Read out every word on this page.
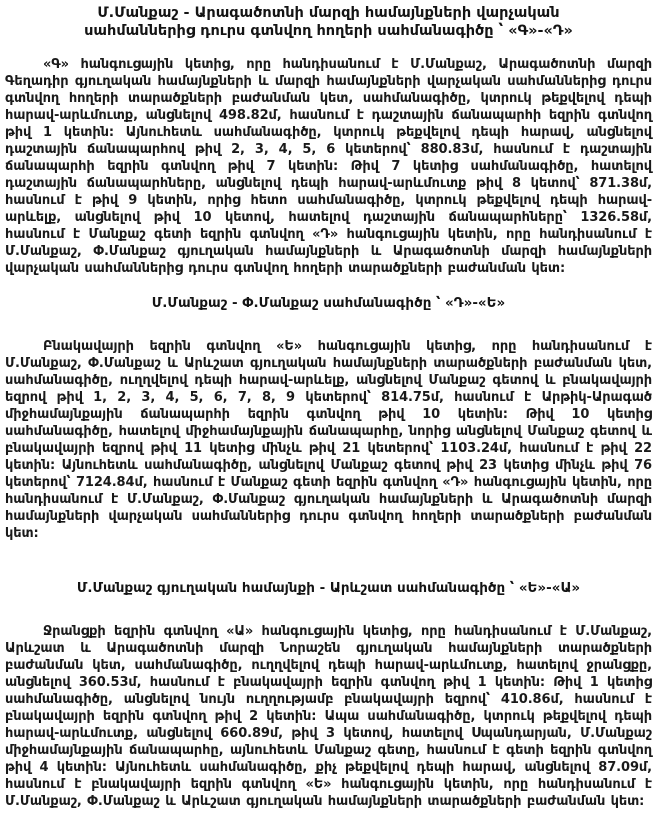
Մ.Մանքաշ - Արագածոտնի մարզի համայնքների վարչական սահմաններից դուրս գտնվող հողերի սահմանագիծը ՝ «Գ»-«Դ»

«Գ» հանգուցային կետից, որը հանդիսանում է Մ.Մանքաշ, Արագածոտնի մարզի Գեղադիր գյուղական համայնքների և մարզի համայնքների վարչական սահմաններից դուրս գտնվող հողերի տարածքների բաժանման կետ, սահմանագիծը, կտրուկ թեքվելով դեպի հարավ-արևմուտք, անցնելով 498.82մ, հասնում է դաշտային ճանապարհի եզրին գտնվող թիվ 1 կետին: Այնուհետև սահմանագիծը, կտրուկ թեքվելով դեպի հարավ, անցնելով դաշտային ճանապարհով թիվ 2, 3, 4, 5, 6 կետերով՝ 880.83մ, հասնում է դաշտային ճանապարհի եզրին գտնվող թիվ 7 կետին: Թիվ 7 կետից սահմանագիծը, հատելով դաշտային ճանապարհները, անցնելով դեպի հարավ-արևմուտք թիվ 8 կետով՝ 871.38մ, հասնում է թիվ 9 կետին, որից հետո սահմանագիծը, կտրուկ թեքվելով դեպի հարավ-արևելք, անցնելով թիվ 10 կետով, հատելով դաշտային ճանապարհները՝ 1326.58մ, հասնում է Մանքաշ գետի եզրին գտնվող «Դ» հանգուցային կետին, որը հանդիսանում է Մ.Մանքաշ, Փ.Մանքաշ գյուղական համայնքների և Արագածոտնի մարզի համայնքների վարչական սահմաններից դուրս գտնվող հողերի տարածքների բաժանման կետ:

Մ.Մանքաշ - Փ.Մանքաշ սահմանագիծը ՝ «Դ»-«Ե»

Բնակավայրի եզրին գտնվող «Ե» հանգուցային կետից, որը հանդիսանում է Մ.Մանքաշ, Փ.Մանքաշ և Արևշատ գյուղական համայնքների տարածքների բաժանման կետ, սահմանագիծը, ուղղվելով դեպի հարավ-արևելք, անցնելով Մանքաշ գետով և բնակավայրի եզրով թիվ 1, 2, 3, 4, 5, 6, 7, 8, 9 կետերով՝ 814.75մ, հասնում է Արթիկ-Արագած միջհամայնքային ճանապարհի եզրին գտնվող թիվ 10 կետին: Թիվ 10 կետից սահմանագիծը, հատելով միջհամայնքային ճանապարհը, նորից անցնելով Մանքաշ գետով և բնակավայրի եզրով թիվ 11 կետից մինչև թիվ 21 կետերով՝ 1103.24մ, հասնում է թիվ 22 կետին: Այնուհետև սահմանագիծը, անցնելով Մանքաշ գետով թիվ 23 կետից մինչև թիվ 76 կետերով՝ 7124.84մ, հասնում է Մանքաշ գետի եզրին գտնվող «Դ» հանգուցային կետին, որը հանդիսանում է Մ.Մանքաշ, Փ.Մանքաշ գյուղական համայնքների և Արագածոտնի մարզի համայնքների վարչական սահմաններից դուրս գտնվող հողերի տարածքների բաժանման կետ:

Մ.Մանքաշ գյուղական համայնքի - Արևշատ սահմանագիծը ՝ «Ե»-«Ա»

Ջրանցքի եզրին գտնվող «Ա» հանգուցային կետից, որը հանդիսանում է Մ.Մանքաշ, Արևշատ և Արագածոտնի մարզի Նորաշեն գյուղական համայնքների տարածքների բաժանման կետ, սահմանագիծը, ուղղվելով դեպի հարավ-արևմուտք, հատելով ջրանցքը, անցնելով 360.53մ, հասնում է բնակավայրի եզրին գտնվող թիվ 1 կետին: Թիվ 1 կետից սահմանագիծը, անցնելով նույն ուղղությամբ բնակավայրի եզրով՝ 410.86մ, հասնում է բնակավայրի եզրին գտնվող թիվ 2 կետին: Ապա սահմանագիծը, կտրուկ թեքվելով դեպի հարավ-արևմուտք, անցնելով 660.89մ, թիվ 3 կետով, հատելով Սպանդարյան, Մ.Մանքաշ միջհամայնքային ճանապարհը, այնուհետև Մանքաշ գետը, հասնում է գետի եզրին գտնվող թիվ 4 կետին: Այնուհետև սահմանագիծը, քիչ թեքվելով դեպի հարավ, անցնելով 87.09մ, հասնում է բնակավայրի եզրին գտնվող «Ե» հանգուցային կետին, որը հանդիսանում է Մ.Մանքաշ, Փ.Մանքաշ և Արևշատ գյուղական համայնքների տարածքների բաժանման կետ:
